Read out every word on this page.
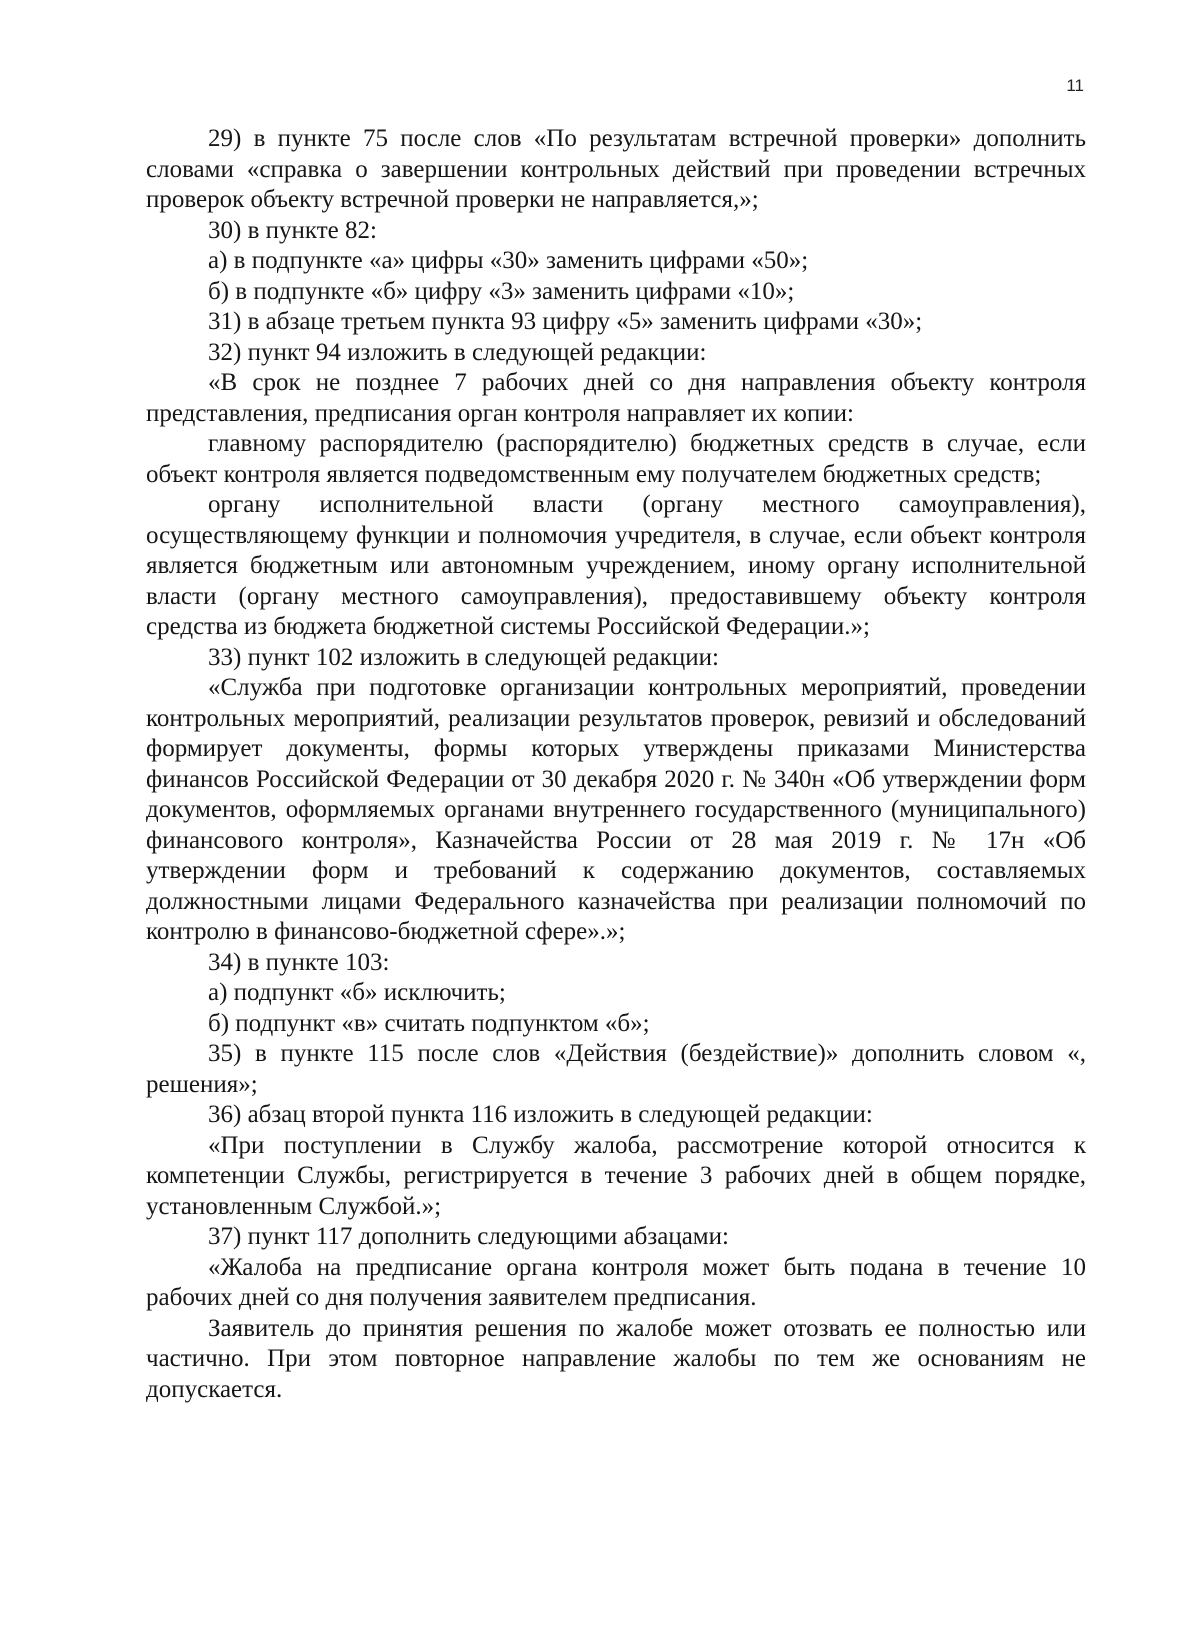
11

29) в пункте 75 после слов «По результатам встречной проверки» дополнить словами «справка о завершении контрольных действий при проведении встречных проверок объекту встречной проверки не направляется,»;

30) в пункте 82:

а) в подпункте «а» цифры «30» заменить цифрами «50»;

б) в подпункте «б» цифру «3» заменить цифрами «10»;

31) в абзаце третьем пункта 93 цифру «5» заменить цифрами «30»;

32) пункт 94 изложить в следующей редакции:

«В срок не позднее 7 рабочих дней со дня направления объекту контроля представления, предписания орган контроля направляет их копии:

главному распорядителю (распорядителю) бюджетных средств в случае, если объект контроля является подведомственным ему получателем бюджетных средств;

органу исполнительной власти (органу местного самоуправления), осуществляющему функции и полномочия учредителя, в случае, если объект контроля является бюджетным или автономным учреждением, иному органу исполнительной власти (органу местного самоуправления), предоставившему объекту контроля средства из бюджета бюджетной системы Российской Федерации.»;

33) пункт 102 изложить в следующей редакции:

«Служба при подготовке организации контрольных мероприятий, проведении контрольных мероприятий, реализации результатов проверок, ревизий и обследований формирует документы, формы которых утверждены приказами Министерства финансов Российской Федерации от 30 декабря 2020 г. № 340н «Об утверждении форм документов, оформляемых органами внутреннего государственного (муниципального) финансового контроля», Казначейства России от 28 мая 2019 г. № 17н «Об утверждении форм и требований к содержанию документов, составляемых должностными лицами Федерального казначейства при реализации полномочий по контролю в финансово-бюджетной сфере».»;

34) в пункте 103:

а) подпункт «б» исключить;

б) подпункт «в» считать подпунктом «б»;

35) в пункте 115 после слов «Действия (бездействие)» дополнить словом «, решения»;

36) абзац второй пункта 116 изложить в следующей редакции:

«При поступлении в Службу жалоба, рассмотрение которой относится к компетенции Службы, регистрируется в течение 3 рабочих дней в общем порядке, установленным Службой.»;

37) пункт 117 дополнить следующими абзацами:

«Жалоба на предписание органа контроля может быть подана в течение 10 рабочих дней со дня получения заявителем предписания.

Заявитель до принятия решения по жалобе может отозвать ее полностью или частично. При этом повторное направление жалобы по тем же основаниям не допускается.
